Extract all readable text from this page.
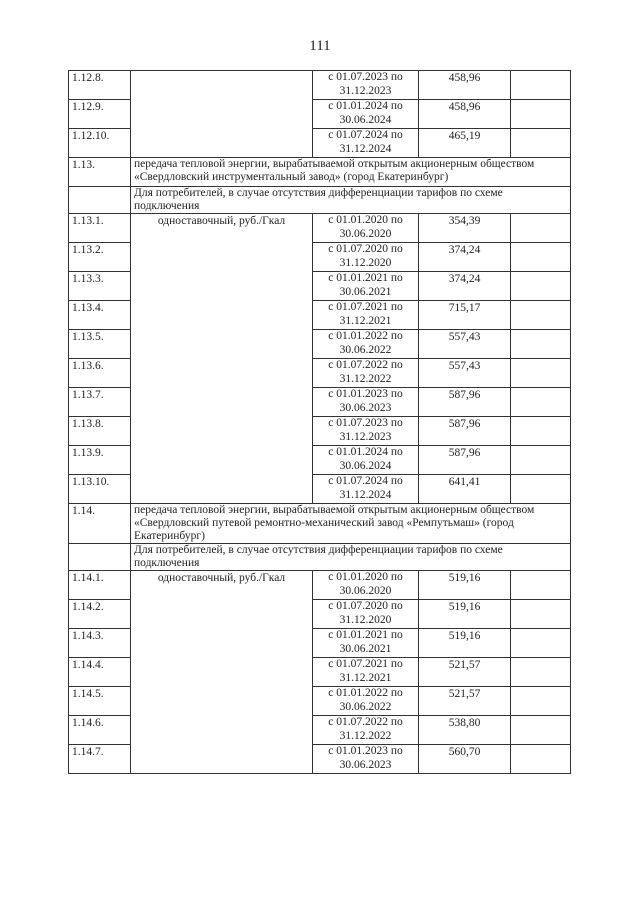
111
1.12.8.		с 01.07.2023 по 31.12.2023	458,96	
1.12.9.		с 01.01.2024 по 30.06.2024	458,96	
1.12.10.		с 01.07.2024 по 31.12.2024	465,19	
1.13.	передача тепловой энергии, вырабатываемой открытым акционерным обществом «Свердловский инструментальный завод» (город Екатеринбург)			
	Для потребителей, в случае отсутствия дифференциации тарифов по схеме подключения			
1.13.1.	одноставочный, руб./Гкал	с 01.01.2020 по 30.06.2020	354,39	
1.13.2.		с 01.07.2020 по 31.12.2020	374,24	
1.13.3.		с 01.01.2021 по 30.06.2021	374,24	
1.13.4.		с 01.07.2021 по 31.12.2021	715,17	
1.13.5.		с 01.01.2022 по 30.06.2022	557,43	
1.13.6.		с 01.07.2022 по 31.12.2022	557,43	
1.13.7.		с 01.01.2023 по 30.06.2023	587,96	
1.13.8.		с 01.07.2023 по 31.12.2023	587,96	
1.13.9.		с 01.01.2024 по 30.06.2024	587,96	
1.13.10.		с 01.07.2024 по 31.12.2024	641,41	
1.14.	передача тепловой энергии, вырабатываемой открытым акционерным обществом «Свердловский путевой ремонтно-механический завод «Ремпутьмаш» (город Екатеринбург)			
	Для потребителей, в случае отсутствия дифференциации тарифов по схеме подключения			
1.14.1.	одноставочный, руб./Гкал	с 01.01.2020 по 30.06.2020	519,16	
1.14.2.		с 01.07.2020 по 31.12.2020	519,16	
1.14.3.		с 01.01.2021 по 30.06.2021	519,16	
1.14.4.		с 01.07.2021 по 31.12.2021	521,57	
1.14.5.		с 01.01.2022 по 30.06.2022	521,57	
1.14.6.		с 01.07.2022 по 31.12.2022	538,80	
1.14.7.		с 01.01.2023 по 30.06.2023	560,70	
